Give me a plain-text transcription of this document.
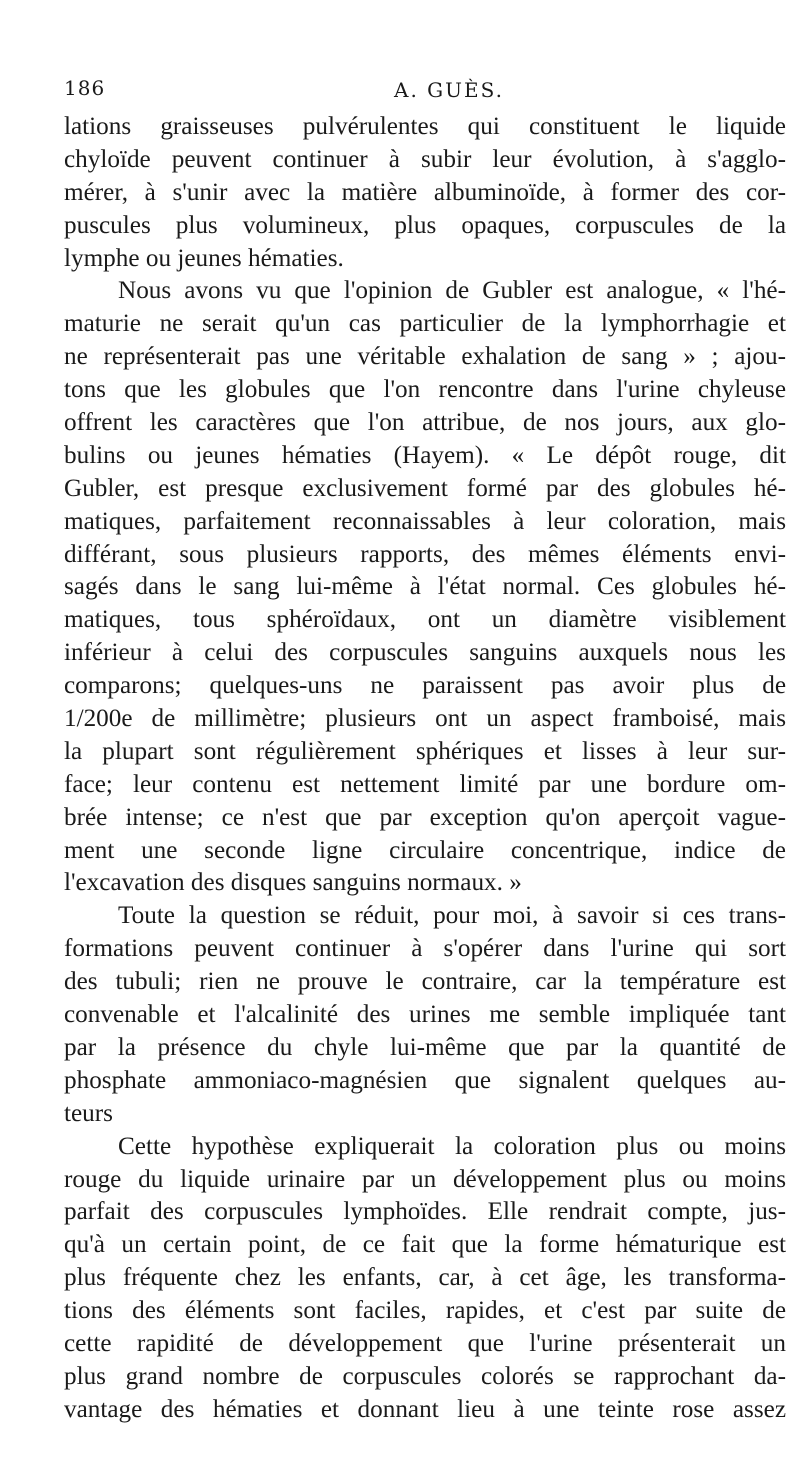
186	A. GUÈS.
lations graisseuses pulvérulentes qui constituent le liquide
chyloïde peuvent continuer à subir leur évolution, à s'agglo-
mérer, à s'unir avec la matière albuminoïde, à former des cor-
puscules plus volumineux, plus opaques, corpuscules de la
lymphe ou jeunes hématies.
Nous avons vu que l'opinion de Gubler est analogue, « l'hé-
maturie ne serait qu'un cas particulier de la lymphorrhagie et
ne représenterait pas une véritable exhalation de sang » ; ajou-
tons que les globules que l'on rencontre dans l'urine chyleuse
offrent les caractères que l'on attribue, de nos jours, aux glo-
bulins ou jeunes hématies (Hayem). « Le dépôt rouge, dit
Gubler, est presque exclusivement formé par des globules hé-
matiques, parfaitement reconnaissables à leur coloration, mais
différant, sous plusieurs rapports, des mêmes éléments envi-
sagés dans le sang lui-même à l'état normal. Ces globules hé-
matiques, tous sphéroïdaux, ont un diamètre visiblement
inférieur à celui des corpuscules sanguins auxquels nous les
comparons; quelques-uns ne paraissent pas avoir plus de
1/200e de millimètre; plusieurs ont un aspect framboisé, mais
la plupart sont régulièrement sphériques et lisses à leur sur-
face; leur contenu est nettement limité par une bordure om-
brée intense; ce n'est que par exception qu'on aperçoit vague-
ment une seconde ligne circulaire concentrique, indice de
l'excavation des disques sanguins normaux. »
Toute la question se réduit, pour moi, à savoir si ces trans-
formations peuvent continuer à s'opérer dans l'urine qui sort
des tubuli; rien ne prouve le contraire, car la température est
convenable et l'alcalinité des urines me semble impliquée tant
par la présence du chyle lui-même que par la quantité de
phosphate ammoniaco-magnésien que signalent quelques au-
teurs
Cette hypothèse expliquerait la coloration plus ou moins
rouge du liquide urinaire par un développement plus ou moins
parfait des corpuscules lymphoïdes. Elle rendrait compte, jus-
qu'à un certain point, de ce fait que la forme hématurique est
plus fréquente chez les enfants, car, à cet âge, les transforma-
tions des éléments sont faciles, rapides, et c'est par suite de
cette rapidité de développement que l'urine présenterait un
plus grand nombre de corpuscules colorés se rapprochant da-
vantage des hématies et donnant lieu à une teinte rose assez
